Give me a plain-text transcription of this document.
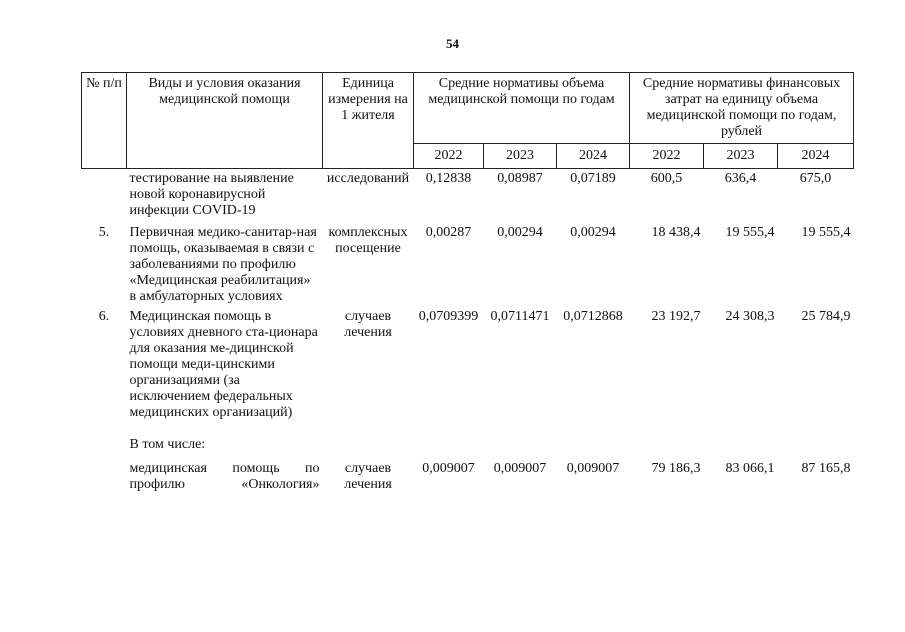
54
№ п/п	Виды и условия оказания медицинской помощи	Единица измерения на 1 жителя	Средние нормативы объема медицинской помощи по годам			Средние нормативы финансовых затрат на единицу объема медицинской помощи по годам, рублей		
			2022	2023	2024	2022	2023	2024
	тестирование на выявление новой коронавирусной инфекции COVID-19	исследований	0,12838	0,08987	0,07189	600,5	636,4	675,0

5.	Первичная медико-санитар-ная помощь, оказываемая в связи с заболеваниями по профилю «Медицинская реабилитация» в амбулаторных условиях	комплексных посещение	0,00287	0,00294	0,00294	18 438,4	19 555,4	19 555,4
6.	Медицинская помощь в условиях дневного ста-ционара для оказания ме-дицинской помощи меди-цинскими организациями (за исключением федеральных медицинских организаций)	случаев лечения	0,0709399	0,0711471	0,0712868	23 192,7	24 308,3	25 784,9
	В том числе:							
	медицинская помощь по профилю «Онкология»	случаев лечения	0,009007	0,009007	0,009007	79 186,3	83 066,1	87 165,8
